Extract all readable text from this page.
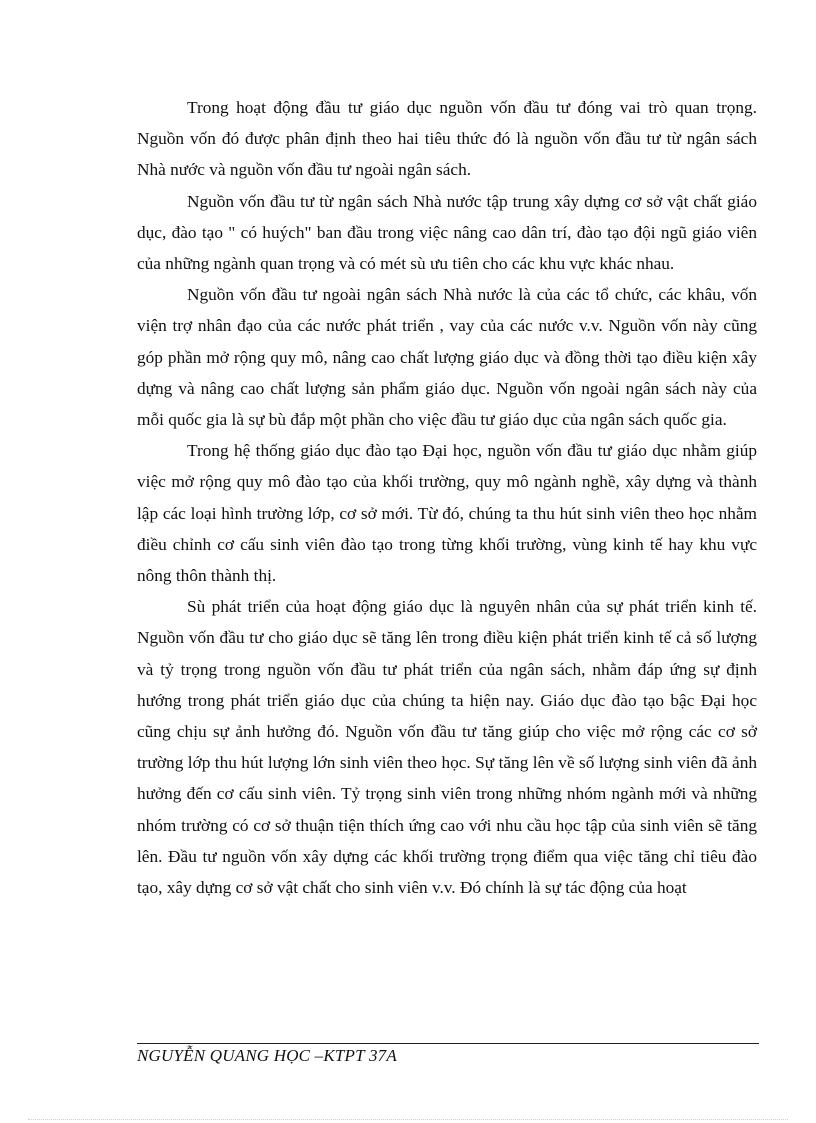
Trong hoạt động đầu tư giáo dục nguồn vốn đầu tư đóng vai trò quan trọng. Nguồn vốn đó được phân định theo hai tiêu thức đó là nguồn vốn đầu tư từ ngân sách Nhà nước và nguồn vốn đầu tư ngoài ngân sách.

Nguồn vốn đầu tư từ ngân sách Nhà nước tập trung xây dựng cơ sở vật chất giáo dục, đào tạo " có huých" ban đầu trong việc nâng cao dân trí, đào tạo đội ngũ giáo viên của những ngành quan trọng và có mét sù ưu tiên cho các khu vực khác nhau.

Nguồn vốn đầu tư ngoài ngân sách Nhà nước là của các tổ chức, các khâu, vốn viện trợ nhân đạo của các nước phát triển , vay của các nước v.v. Nguồn vốn này cũng góp phần mở rộng quy mô, nâng cao chất lượng giáo dục và đồng thời tạo điều kiện xây dựng và nâng cao chất lượng sản phẩm giáo dục. Nguồn vốn ngoài ngân sách này của mỗi quốc gia là sự bù đắp một phần cho việc đầu tư giáo dục của ngân sách quốc gia.

Trong hệ thống giáo dục đào tạo Đại học, nguồn vốn đầu tư giáo dục nhằm giúp việc mở rộng quy mô đào tạo của khối trường, quy mô ngành nghề, xây dựng và thành lập các loại hình trường lớp, cơ sở mới. Từ đó, chúng ta thu hút sinh viên theo học nhằm điều chỉnh cơ cấu sinh viên đào tạo trong từng khối trường, vùng kinh tế hay khu vực nông thôn thành thị.

Sù phát triển của hoạt động giáo dục là nguyên nhân của sự phát triển kinh tế. Nguồn vốn đầu tư cho giáo dục sẽ tăng lên trong điều kiện phát triển kinh tế cả số lượng và tỷ trọng trong nguồn vốn đầu tư phát triển của ngân sách, nhằm đáp ứng sự định hướng trong phát triển giáo dục của chúng ta hiện nay. Giáo dục đào tạo bậc Đại học cũng chịu sự ảnh hưởng đó. Nguồn vốn đầu tư tăng giúp cho việc mở rộng các cơ sở trường lớp thu hút lượng lớn sinh viên theo học. Sự tăng lên về số lượng sinh viên đã ảnh hưởng đến cơ cấu sinh viên. Tỷ trọng sinh viên trong những nhóm ngành mới và những nhóm trường có cơ sở thuận tiện thích ứng cao với nhu cầu học tập của sinh viên sẽ tăng lên. Đầu tư nguồn vốn xây dựng các khối trường trọng điểm qua việc tăng chỉ tiêu đào tạo, xây dựng cơ sở vật chất cho sinh viên v.v. Đó chính là sự tác động của hoạt

NGUYỄN QUANG HỌC –KTPT 37A
